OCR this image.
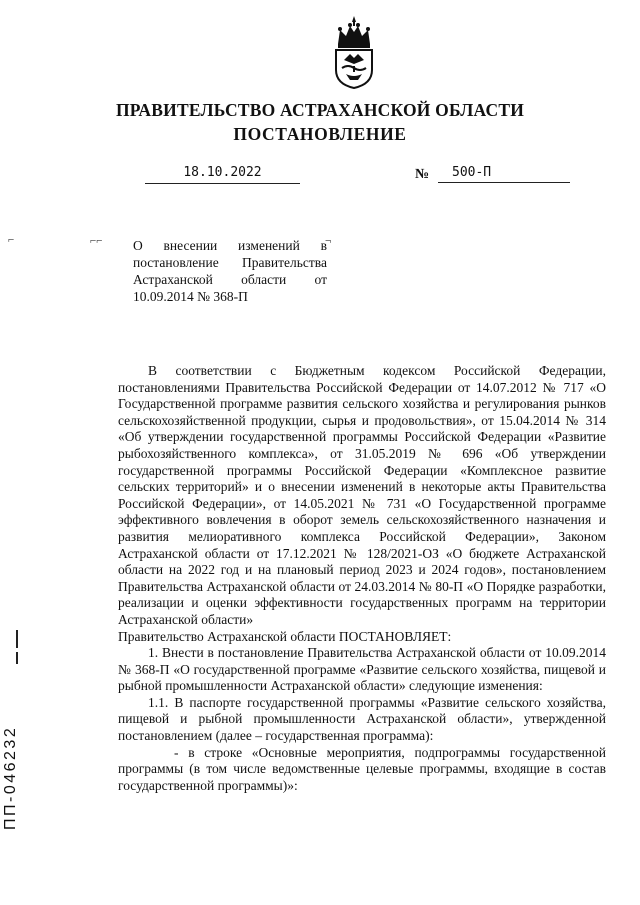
ПРАВИТЕЛЬСТВО АСТРАХАНСКОЙ ОБЛАСТИ
ПОСТАНОВЛЕНИЕ
18.10.2022	№	500-П
⌐	⌐⌐	¬
О внесении изменений в постановление Правительства Астраханской области от 10.09.2014 № 368-П

В соответствии с Бюджетным кодексом Российской Федерации, постановлениями Правительства Российской Федерации от 14.07.2012 № 717 «О Государственной программе развития сельского хозяйства и регулирования рынков сельскохозяйственной продукции, сырья и продовольствия», от 15.04.2014 № 314 «Об утверждении государственной программы Российской Федерации «Развитие рыбохозяйственного комплекса», от 31.05.2019 № 696 «Об утверждении государственной программы Российской Федерации «Комплексное развитие сельских территорий» и о внесении изменений в некоторые акты Правительства Российской Федерации», от 14.05.2021 № 731 «О Государственной программе эффективного вовлечения в оборот земель сельскохозяйственного назначения и развития мелиоративного комплекса Российской Федерации», Законом Астраханской области от 17.12.2021 № 128/2021-ОЗ «О бюджете Астраханской области на 2022 год и на плановый период 2023 и 2024 годов», постановлением Правительства Астраханской области от 24.03.2014 № 80-П «О Порядке разработки, реализации и оценки эффективности государственных программ на территории Астраханской области»

Правительство Астраханской области ПОСТАНОВЛЯЕТ:

1. Внести в постановление Правительства Астраханской области от 10.09.2014 № 368-П «О государственной программе «Развитие сельского хозяйства, пищевой и рыбной промышленности Астраханской области» следующие изменения:

1.1. В паспорте государственной программы «Развитие сельского хозяйства, пищевой и рыбной промышленности Астраханской области», утвержденной постановлением (далее – государственная программа):

- в строке «Основные мероприятия, подпрограммы государственной программы (в том числе ведомственные целевые программы, входящие в состав государственной программы)»:

ПП-046232
